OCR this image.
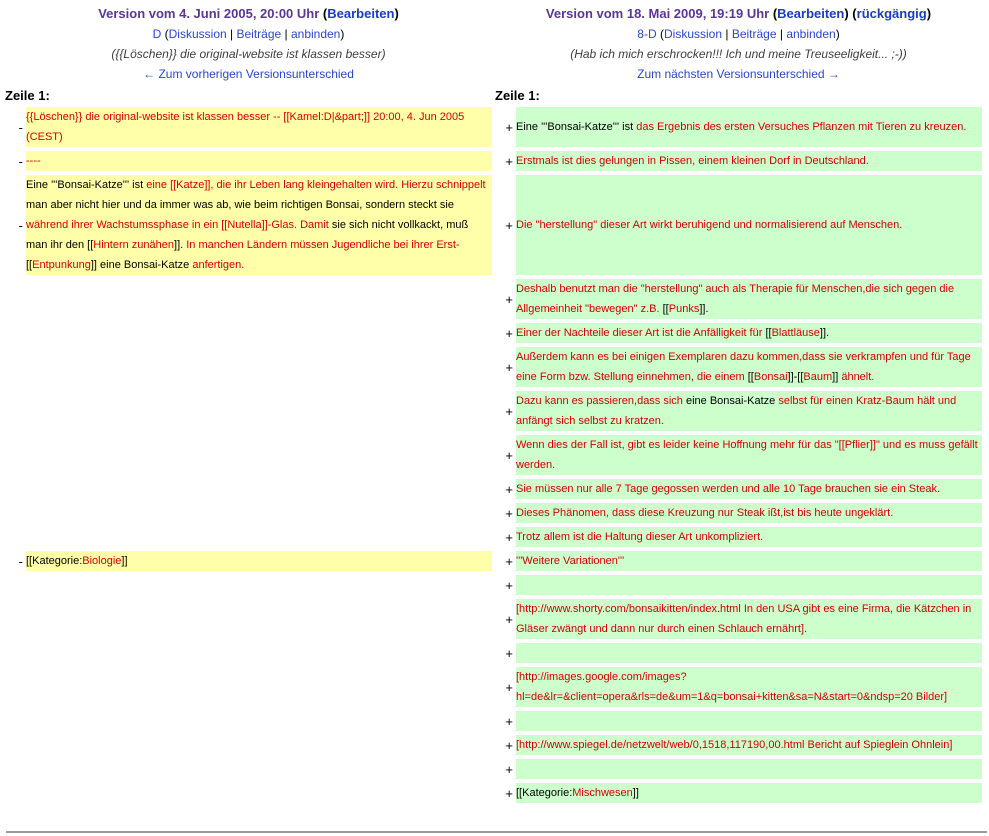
Version vom 4. Juni 2005, 20:00 Uhr (Bearbeiten)
D (Diskussion | Beiträge | anbinden)
({{Löschen}} die original-website ist klassen besser)
← Zum vorherigen Versionsunterschied

Version vom 18. Mai 2009, 19:19 Uhr (Bearbeiten) (rückgängig)
8-D (Diskussion | Beiträge | anbinden)
(Hab ich mich erschrocken!!! Ich und meine Treuseeligkeit... ;-))
Zum nächsten Versionsunterschied →

Zeile 1:		Zeile 1:	
-	{{Löschen}} die original-website ist klassen besser -- [[Kamel:D|&part;]] 20:00, 4. Jun 2005 (CEST)	+	Eine '''Bonsai-Katze''' ist das Ergebnis des ersten Versuches Pflanzen mit Tieren zu kreuzen.
-	----	+	Erstmals ist dies gelungen in Pissen, einem kleinen Dorf in Deutschland.
-	Eine '''Bonsai-Katze''' ist eine [[Katze]], die ihr Leben lang kleingehalten wird. Hierzu schnippelt man aber nicht hier und da immer was ab, wie beim richtigen Bonsai, sondern steckt sie während ihrer Wachstumssphase in ein [[Nutella]]-Glas. Damit sie sich nicht vollkackt, muß man ihr den [[Hintern zunähen]]. In manchen Ländern müssen Jugendliche bei ihrer Erst-[[Entpunkung]] eine Bonsai-Katze anfertigen.	+	Die "herstellung" dieser Art wirkt beruhigend und normalisierend auf Menschen.
		+	Deshalb benutzt man die "herstellung" auch als Therapie für Menschen,die sich gegen die Allgemeinheit "bewegen" z.B. [[Punks]].
		+	Einer der Nachteile dieser Art ist die Anfälligkeit für [[Blattläuse]].
		+	Außerdem kann es bei einigen Exemplaren dazu kommen,dass sie verkrampfen und für Tage eine Form bzw. Stellung einnehmen, die einem [[Bonsai]]-[[Baum]] ähnelt.
		+	Dazu kann es passieren,dass sich eine Bonsai-Katze selbst für einen Kratz-Baum hält und anfängt sich selbst zu kratzen.
		+	Wenn dies der Fall ist, gibt es leider keine Hoffnung mehr für das "[[Pflier]]" und es muss gefällt werden.
		+	Sie müssen nur alle 7 Tage gegossen werden und alle 10 Tage brauchen sie ein Steak.
		+	Dieses Phänomen, dass diese Kreuzung nur Steak ißt,ist bis heute ungeklärt.
		+	Trotz allem ist die Haltung dieser Art unkompliziert.
-	[[Kategorie:Biologie]]	+	'''Weitere Variationen'''
		+	
		+	[http://www.shorty.com/bonsaikitten/index.html In den USA gibt es eine Firma, die Kätzchen in Gläser zwängt und dann nur durch einen Schlauch ernährt].
		+	
		+	[http://images.google.com/images?hl=de&lr=&client=opera&rls=de&um=1&q=bonsai+kitten&sa=N&start=0&ndsp=20 Bilder]
		+	
		+	[http://www.spiegel.de/netzwelt/web/0,1518,117190,00.html Bericht auf Spieglein Ohnlein]
		+	
		+	[[Kategorie:Mischwesen]]
